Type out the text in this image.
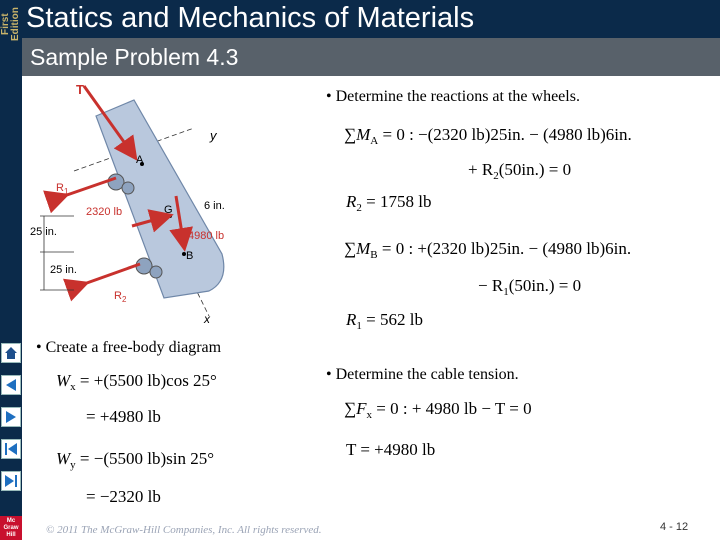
First Edition
Mc Graw Hill
Statics and Mechanics of Materials
Sample Problem 4.3
T
y
A
G
B
$R_1$
2320 lb	6 in.
25 in.	4980 lb
25 in.
$R_2$
x
• Create a free-body diagram
$W_x = +(5500$ lb)cos 25°
= +4980 lb
$W_y = -(5500$ lb)sin 25°
= −2320 lb
• Determine the reactions at the wheels.
$\sum M_A = 0$ : −(2320 lb)25in. − (4980 lb)6in.
+ $R_2(50in.) = 0$
$R_2 = 1758$ lb
$\sum M_B = 0$ : +(2320 lb)25in. − (4980 lb)6in.
− $R_1(50in.) = 0$
$R_1 = 562$ lb
• Determine the cable tension.
$\sum F_x = 0$ : + 4980 lb − T = 0
T = +4980 lb
© 2011 The McGraw-Hill Companies, Inc. All rights reserved.	4 - 12
